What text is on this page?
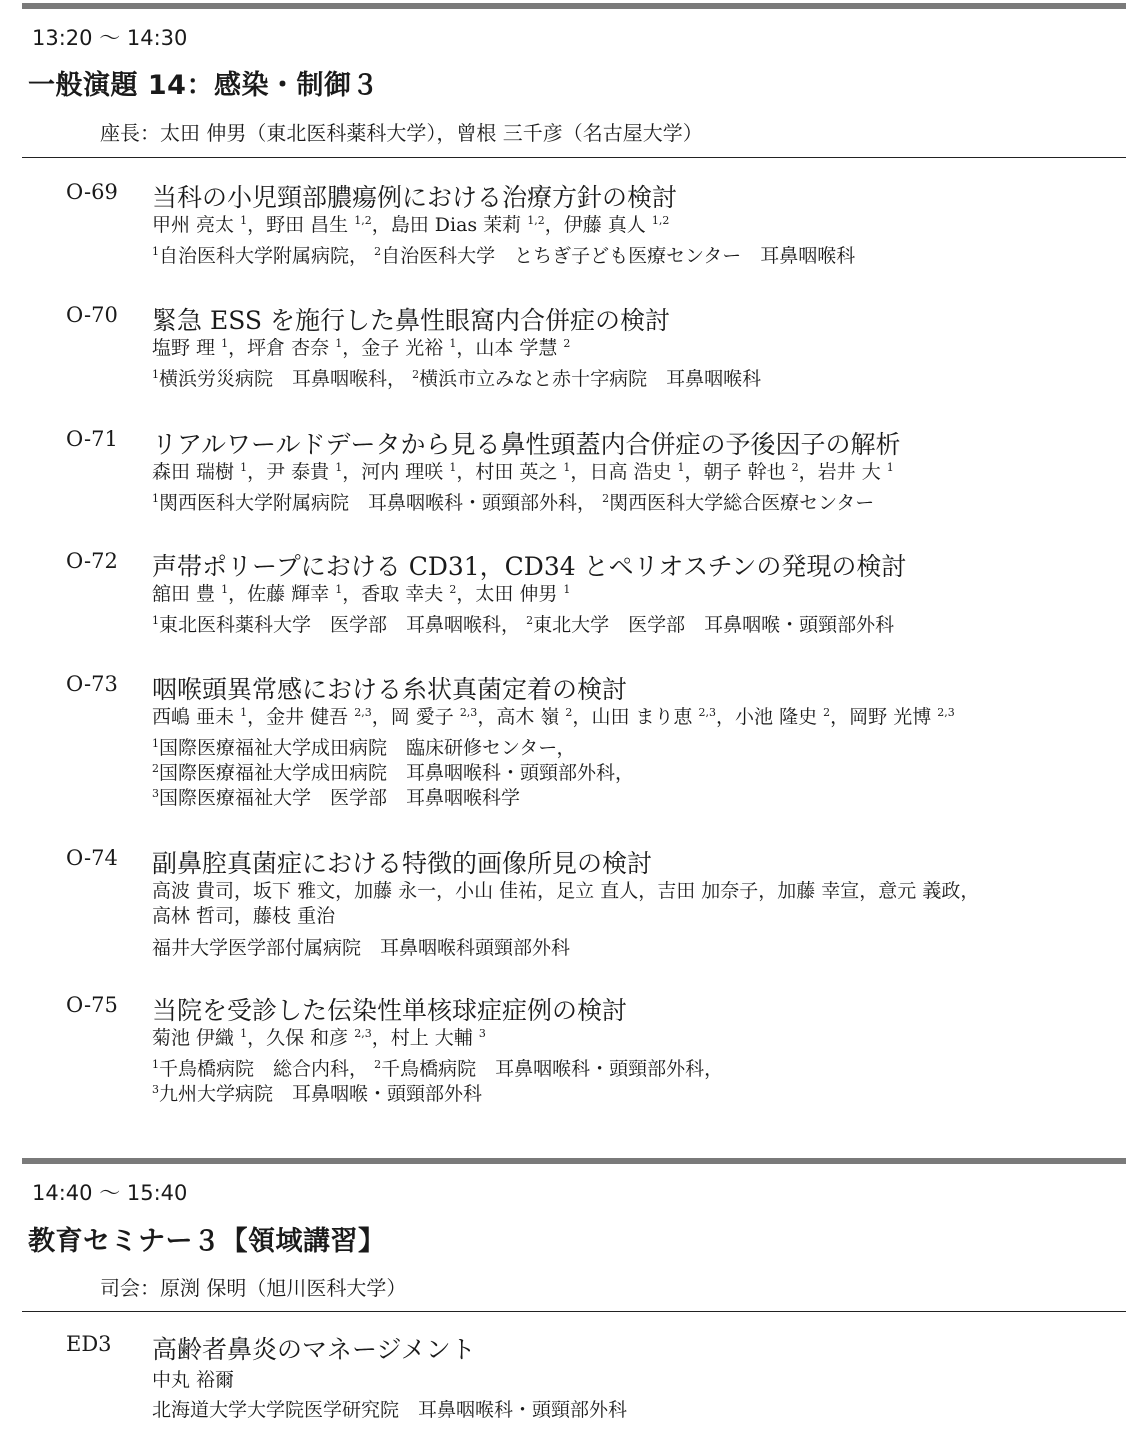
13:20 〜 14:30
一般演題 14：感染・制御３
座長：太田 伸男（東北医科薬科大学），曾根 三千彦（名古屋大学）
O-69 当科の小児頸部膿瘍例における治療方針の検討
甲州 亮太 $^1$，野田 昌生 $^{1,2}$，島田 Dias 茉莉 $^{1,2}$，伊藤 真人 $^{1,2}$
$^1$自治医科大学附属病院， $^2$自治医科大学　とちぎ子ども医療センター　耳鼻咽喉科
O-70 緊急 ESS を施行した鼻性眼窩内合併症の検討
塩野 理 $^1$，坪倉 杏奈 $^1$，金子 光裕 $^1$，山本 学慧 $^2$
$^1$横浜労災病院　耳鼻咽喉科， $^2$横浜市立みなと赤十字病院　耳鼻咽喉科
O-71 リアルワールドデータから見る鼻性頭蓋内合併症の予後因子の解析
森田 瑞樹 $^1$，尹 泰貴 $^1$，河内 理咲 $^1$，村田 英之 $^1$，日高 浩史 $^1$，朝子 幹也 $^2$，岩井 大 $^1$
$^1$関西医科大学附属病院　耳鼻咽喉科・頭頸部外科， $^2$関西医科大学総合医療センター
O-72 声帯ポリープにおける CD31，CD34 とペリオスチンの発現の検討
舘田 豊 $^1$，佐藤 輝幸 $^1$，香取 幸夫 $^2$，太田 伸男 $^1$
$^1$東北医科薬科大学　医学部　耳鼻咽喉科， $^2$東北大学　医学部　耳鼻咽喉・頭頸部外科
O-73 咽喉頭異常感における糸状真菌定着の検討
西嶋 亜未 $^1$，金井 健吾 $^{2,3}$，岡 愛子 $^{2,3}$，高木 嶺 $^2$，山田 まり恵 $^{2,3}$，小池 隆史 $^2$，岡野 光博 $^{2,3}$
$^1$国際医療福祉大学成田病院　臨床研修センター，
$^2$国際医療福祉大学成田病院　耳鼻咽喉科・頭頸部外科，
$^3$国際医療福祉大学　医学部　耳鼻咽喉科学
O-74 副鼻腔真菌症における特徴的画像所見の検討
高波 貴司，坂下 雅文，加藤 永一，小山 佳祐，足立 直人，吉田 加奈子，加藤 幸宣，意元 義政，
高林 哲司，藤枝 重治
福井大学医学部付属病院　耳鼻咽喉科頭頸部外科
O-75 当院を受診した伝染性単核球症症例の検討
菊池 伊織 $^1$，久保 和彦 $^{2,3}$，村上 大輔 $^3$
$^1$千鳥橋病院　総合内科， $^2$千鳥橋病院　耳鼻咽喉科・頭頸部外科，
$^3$九州大学病院　耳鼻咽喉・頭頸部外科
14:40 〜 15:40
教育セミナー３【領域講習】
司会：原渕 保明（旭川医科大学）
ED3 高齢者鼻炎のマネージメント
中丸 裕爾
北海道大学大学院医学研究院　耳鼻咽喉科・頭頸部外科
